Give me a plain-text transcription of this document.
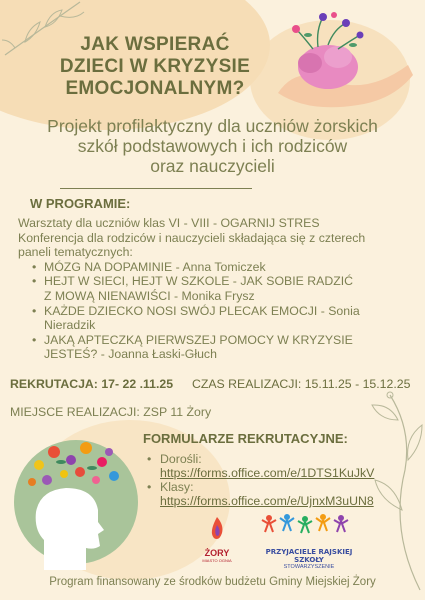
JAK WSPIERAĆ
DZIECI W KRYZYSIE
EMOCJONALNYM?
Projekt profilaktyczny dla uczniów żorskich
szkół podstawowych i ich rodziców
oraz nauczycieli
W PROGRAMIE:
Warsztaty dla uczniów klas VI - VIII - OGARNIJ STRES
Konferencja dla rodziców i nauczycieli składająca się z czterech
paneli tematycznych:
• MÓZG NA DOPAMINIE - Anna Tomiczek
• HEJT W SIECI, HEJT W SZKOLE - JAK SOBIE RADZIĆ
Z MOWĄ NIENAWIŚCI - Monika Frysz
• KAŻDE DZIECKO NOSI SWÓJ PLECAK EMOCJI - Sonia
Nieradzik
• JAKĄ APTECZKĄ PIERWSZEJ POMOCY W KRYZYSIE
JESTEŚ? - Joanna Łaski-Głuch
REKRUTACJA: 17- 22 .11.25 CZAS REALIZACJI: 15.11.25 - 15.12.25
MIEJSCE REALIZACJI: ZSP 11 Żory
FORMULARZE REKRUTACYJNE:
• Dorośli:
https://forms.office.com/e/1DTS1KuJkV
• Klasy:
https://forms.office.com/e/UjnxM3uUN8
ŻORY
MIASTO OGNIA
PRZYJACIELE RAJSKIEJ SZKOŁY
STOWARZYSZENIE
Program finansowany ze środków budżetu Gminy Miejskiej Żory
